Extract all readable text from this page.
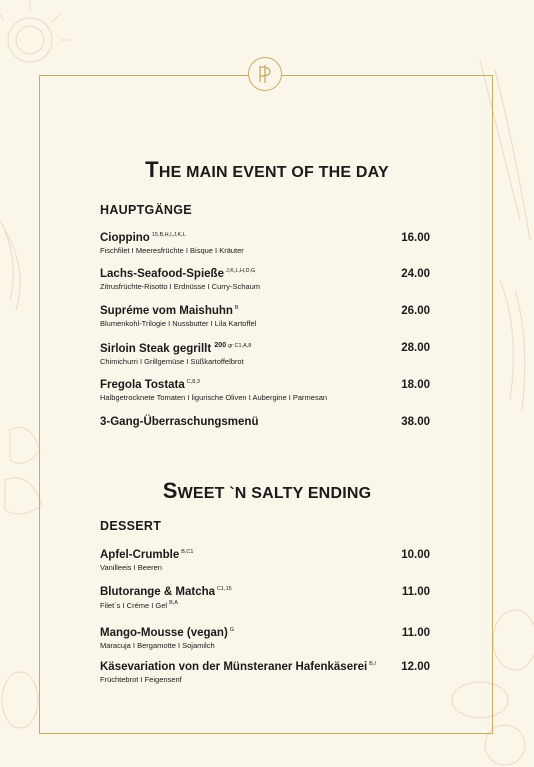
THE MAIN EVENT OF THE DAY
HAUPTGÄNGE
Cioppino $^{15,B,H,I,J,K,L}$
Fischfilet I Meeresfrüchte I Bisque I Kräuter
16.00
Lachs-Seafood-Spieße $^{J,K,L,H,D,G}$
Zitrusfrüchte-Risotto I Erdnüsse I Curry-Schaum
24.00
Supréme vom Maishuhn $^B$
Blumenkohl-Trilogie I Nussbutter I Lila Kartoffel
26.00
Sirloin Steak gegrillt $^{200}$ $^{gr C1,A,8}$
Chimichurri I Grillgemüse I Süßkartoffelbrot
28.00
Fregola Tostata $^{C,8,3}$
Halbgetrocknete Tomaten I ligurische Oliven I Aubergine I Parmesan
18.00
3-Gang-Überraschungsmenü	38.00
SWEET `N SALTY ENDING
DESSERT
Apfel-Crumble $^{B,C1}$
Vanilleeis I Beeren
10.00
Blutorange & Matcha $^{C1,15}$
Filet´s I Créme I Gel $^{B,A}$
11.00
Mango-Mousse (vegan) $^G$
Maracuja I Bergamotte I Sojamilch
11.00
Käsevariation von der Münsteraner Hafenkäserei $^{B,I}$
Früchtebrot I Feigensenf
12.00
